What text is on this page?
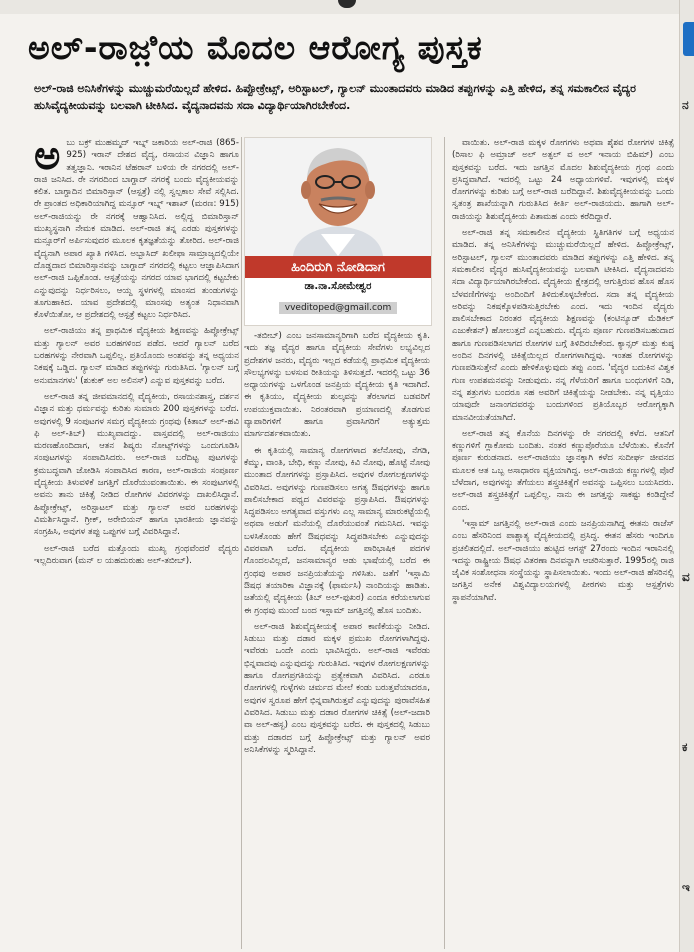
ನ
ವ
ಕ
ಇ
ಅಲ್-ರಾಜ಼ಿಯ ಮೊದಲ ಆರೋಗ್ಯ ಪುಸ್ತಕ
ಅಲ್-ರಾಜಿ ಅನಿಸಿಕೆಗಳನ್ನು ಮುಚ್ಚುಮರೆಯಿಲ್ಲದೆ ಹೇಳಿದ. ಹಿಪ್ಪೋಕ್ರೇಟ್ಸ್, ಅರಿಸ್ಟಾಟಲ್, ಗ್ಯಾಲನ್ ಮುಂತಾದವರು ಮಾಡಿದ ತಪ್ಪುಗಳನ್ನು ಎತ್ತಿ ಹೇಳಿದ, ತನ್ನ ಸಮಕಾಲೀನ ವೈದ್ಯರ ಹುಸಿವೈದ್ಯಕೀಯವನ್ನು ಬಲವಾಗಿ ಟೀಕಿಸಿದ. ವೈದ್ಯನಾದವನು ಸದಾ ವಿದ್ಯಾರ್ಥಿಯಾಗಿರಬೇಕೆಂದ.

ಅಬು ಬಕ್ರ್ ಮುಹಮ್ಮದ್ ಇಬ್ನ್ ಜಕಾರಿಯ ಅಲ್-ರಾಜಿ (865-925) ಇರಾನ್ ದೇಶದ ವೈದ್ಯ, ರಸಾಯನ ವಿಜ್ಞಾನಿ ಹಾಗೂ ತತ್ವಜ್ಞಾನಿ. ಇರಾನಿನ ಟೆಹರಾನ್ ಬಳಿಯ ರೇ ನಗರದಲ್ಲಿ ಅಲ್-ರಾಜಿ ಜನಿಸಿದ. ರೇ ನಗರದಿಂದ ಬಾಗ್ದಾದ್ ನಗರಕ್ಕೆ ಬಂದು ವೈದ್ಯಕೀಯವನ್ನು ಕಲಿತ. ಬಾಗ್ದಾದಿನ ಬಿಮಾರಿಸ್ತಾನ್ (ಆಸ್ಪತ್ರೆ) ನಲ್ಲಿ ಸ್ವಲ್ಪಕಾಲ ಸೇವೆ ಸಲ್ಲಿಸಿದ. ರೇ ಪ್ರಾಂತದ ಅಧಿಕಾರಿಯಾಗಿದ್ದ ಮನ್ಸೂರ್ ಇಬ್ನ್ ಇಶಾಖ್ (ಮರಣ: 915) ಅಲ್-ರಾಜಿಯನ್ನು ರೇ ನಗರಕ್ಕೆ ಆಹ್ವಾನಿಸಿದ. ಅಲ್ಲಿದ್ದ ಬಿಮಾರಿಸ್ತಾನ್ ಮುಖ್ಯಸ್ಥನಾಗಿ ನೇಮಕ ಮಾಡಿದ. ಅಲ್-ರಾಜಿ ತನ್ನ ಎರಡು ಪುಸ್ತಕಗಳನ್ನು ಮನ್ಸೂರ್‌ಗೆ ಅರ್ಪಿಸುವುದರ ಮೂಲಕ ಕೃತಜ್ಞತೆಯನ್ನು ತೋರಿದ. ಅಲ್-ರಾಜಿ ವೈದ್ಯನಾಗಿ ಅಪಾರ ಖ್ಯಾತಿ ಗಳಿಸಿದ. ಅಬ್ಬಾಸಿದ್ ಖಲೀಫಾ ಸಾಮ್ರಾಜ್ಯದಲ್ಲಿಯೇ ದೊಡ್ಡದಾದ ಬಿಮಾರಿಸ್ತಾನವನ್ನು ಬಾಗ್ದಾದ್ ನಗರದಲ್ಲಿ ಕಟ್ಟಲು ಆಜ್ಞಾಪಿಸಿದಾಗ ಅಲ್-ರಾಜಿ ಒಪ್ಪಿಕೊಂಡ. ಆಸ್ಪತ್ರೆಯನ್ನು ನಗರದ ಯಾವ ಭಾಗದಲ್ಲಿ ಕಟ್ಟಬೇಕು ಎನ್ನುವುದನ್ನು ನಿರ್ಧರಿಸಲು, ಆಯ್ದ ಸ್ಥಳಗಳಲ್ಲಿ ಮಾಂಸದ ತುಂಡುಗಳನ್ನು ತೂಗುಹಾಕಿದ. ಯಾವ ಪ್ರದೇಶದಲ್ಲಿ ಮಾಂಸವು ಅತ್ಯಂತ ನಿಧಾನವಾಗಿ ಕೊಳೆಯಿತೋ, ಆ ಪ್ರದೇಶದಲ್ಲಿ ಆಸ್ಪತ್ರೆ ಕಟ್ಟಲು ನಿರ್ಧರಿಸಿದ.

ಅಲ್-ರಾಜಿಯು ತನ್ನ ಪ್ರಾಥಮಿಕ ವೈದ್ಯಕೀಯ ಶಿಕ್ಷಣವನ್ನು ಹಿಪ್ಪೋಕ್ರೇಟ್ಸ್ ಮತ್ತು ಗ್ಯಾಲನ್ ಅವರ ಬರಹಗಳಿಂದ ಪಡೆದ. ಆದರೆ ಗ್ಯಾಲನ್ ಬರೆದ ಬರಹಗಳನ್ನು ನೇರವಾಗಿ ಒಪ್ಪಲಿಲ್ಲ. ಪ್ರತಿಯೊಂದು ಅಂಶವನ್ನು ತನ್ನ ಅಧ್ಯಯನ ನಿಕಷಕ್ಕೆ ಒಡ್ಡಿದ. ಗ್ಯಾಲನ್ ಮಾಡಿದ ತಪ್ಪುಗಳನ್ನು ಗುರುತಿಸಿದ. 'ಗ್ಯಾಲನ್ ಬಗ್ಗೆ ಅನುಮಾನಗಳು' (ಶುಕುಕ್ ಅಲ ಅಲಿನಸ್) ಎನ್ನುವ ಪುಸ್ತಕವನ್ನು ಬರೆದ.

ಅಲ್-ರಾಜಿ ತನ್ನ ಜೀವಮಾನದಲ್ಲಿ ವೈದ್ಯಕೀಯ, ರಸಾಯನಶಾಸ್ತ್ರ, ದರ್ಶನ ವಿಜ್ಞಾನ ಮತ್ತು ಧರ್ಮವನ್ನು ಕುರಿತು ಸುಮಾರು 200 ಪುಸ್ತಕಗಳನ್ನು ಬರೆದ. ಅವುಗಳಲ್ಲಿ 9 ಸಂಪುಟಗಳ ಸಮಗ್ರ ವೈದ್ಯಕೀಯ ಗ್ರಂಥವು (ಕಿತಾಬ್ ಅಲ್-ಹವಿ ಫಿ ಅಲ್-ತಿಬ್) ಮುಖ್ಯವಾದದ್ದು. ವಾಸ್ತವದಲ್ಲಿ ಅಲ್-ರಾಜಿಯು ಮರಣಹೊಂದಿದಾಗ, ಆತನ ಶಿಷ್ಯರು ನೋಟ್ಸ್‌ಗಳನ್ನು ಒಂದುಗೂಡಿಸಿ ಸಂಪುಟಗಳನ್ನು ಸಂಪಾದಿಸಿದರು. ಅಲ್-ರಾಜಿ ಬರೆದಿಟ್ಟ ಪುಟಗಳನ್ನು ಕ್ರಮಬದ್ಧವಾಗಿ ಜೋಡಿಸಿ ಸಂಪಾದಿಸಿದ ಕಾರಣ, ಅಲ್-ರಾಜಿಯ ಸಂಪೂರ್ಣ ವೈದ್ಯಕೀಯ ತಿಳುವಳಿಕೆ ಜಗತ್ತಿಗೆ ದೊರೆಯುವಂತಾಯಿತು. ಈ ಸಂಪುಟಗಳಲ್ಲಿ ಅವನು ತಾನು ಚಿಕಿತ್ಸೆ ನೀಡಿದ ರೋಗಿಗಳ ವಿವರಗಳನ್ನು ದಾಖಲಿಸಿದ್ದಾನೆ. ಹಿಪ್ಪೋಕ್ರೇಟ್ಸ್, ಅರಿಸ್ಟಾಟಲ್ ಮತ್ತು ಗ್ಯಾಲನ್ ಅವರ ಬರಹಗಳನ್ನು ವಿಮರ್ಶಿಸಿದ್ದಾನೆ. ಗ್ರೀಕ್, ಅರೇಬಿಯನ್ ಹಾಗೂ ಭಾರತೀಯ ಜ್ಞಾನವನ್ನು ಸಂಗ್ರಹಿಸಿ, ಅವುಗಳ ತಪ್ಪು ಒಪ್ಪುಗಳ ಬಗ್ಗೆ ವಿವರಿಸಿದ್ದಾನೆ.

ಅಲ್-ರಾಜಿ ಬರೆದ ಮತ್ತೊಂದು ಮುಖ್ಯ ಗ್ರಂಥವೆಂದರೆ ವೈದ್ಯರು ಇಲ್ಲದಿರುವಾಗ (ಮನ್ ಲ ಯಹದುರುಹು ಅಲ್-ತಬೀಬ್).

ಹಿಂದಿರುಗಿ ನೋಡಿದಾಗ
ಡಾ.ನಾ.ಸೋಮೇಶ್ವರ
vveditoped@gmail.com

-ತಬೀಬ್) ಎಂಬ ಜನಸಾಮಾನ್ಯರಿಗಾಗಿ ಬರೆದ ವೈದ್ಯಕೀಯ ಕೃತಿ. ಇದು ತಜ್ಞ ವೈದ್ಯರ ಹಾಗೂ ವೈದ್ಯಕೀಯ ಸೇವೆಗಳು ಲಭ್ಯವಿಲ್ಲದ ಪ್ರದೇಶಗಳ ಜನರು, ವೈದ್ಯರು ಇಲ್ಲದ ಕಡೆಯಲ್ಲಿ ಪ್ರಾಥಮಿಕ ವೈದ್ಯಕೀಯ ಸೌಲಭ್ಯಗಳನ್ನು ಬಳಸುವ ರೀತಿಯನ್ನು ತಿಳಿಸುತ್ತದೆ. ಇದರಲ್ಲಿ ಒಟ್ಟು 36 ಅಧ್ಯಾಯಗಳನ್ನು ಒಳಗೊಂಡ ಜನಪ್ರಿಯ ವೈದ್ಯಕೀಯ ಕೃತಿ ಇದಾಗಿದೆ. ಈ ಕೃತಿಯು, ವೈದ್ಯಕೀಯ ಶುಲ್ಕವನ್ನು ತೆರಲಾಗದ ಬಡವರಿಗೆ ಉಪಯುಕ್ತವಾಯಿತು. ನಿರಂತರವಾಗಿ ಪ್ರಯಾಣದಲ್ಲಿ ತೊಡಗುವ ವ್ಯಾಪಾರಿಗಳಿಗೆ ಹಾಗೂ ಪ್ರವಾಸಿಗರಿಗೆ ಅತ್ಯುತ್ತಮ ಮಾರ್ಗದರ್ಶಕವಾಯಿತು.

ಈ ಕೃತಿಯಲ್ಲಿ ಸಾಮಾನ್ಯ ರೋಗಗಳಾದ ತಲೆನೋವು, ನೆಗಡಿ, ಕೆಮ್ಮು, ವಾಂತಿ, ಬೇಧಿ, ಕಣ್ಣು ನೋವು, ಕಿವಿ ನೋವು, ಹೊಟ್ಟೆ ನೋವು ಮುಂತಾದ ರೋಗಗಳನ್ನು ಪ್ರಸ್ತಾಪಿಸಿದ. ಅವುಗಳ ರೋಗಲಕ್ಷಣಗಳನ್ನು ವಿವರಿಸಿದ. ಅವುಗಳನ್ನು ಗುಣಪಡಿಸಲು ಅಗತ್ಯ ಔಷಧಗಳನ್ನು ಹಾಗೂ ಪಾಲಿಸಬೇಕಾದ ಪಥ್ಯದ ವಿವರವನ್ನು ಪ್ರಸ್ತಾಪಿಸಿದ. ಔಷಧಗಳನ್ನು ಸಿದ್ಧಪಡಿಸಲು ಅಗತ್ಯವಾದ ವಸ್ತುಗಳು ಎಲ್ಲ ಸಾಮಾನ್ಯ ಮಾರುಕಟ್ಟೆಯಲ್ಲಿ ಅಥವಾ ಅಡುಗೆ ಮನೆಯಲ್ಲಿ ದೊರೆಯುವಂತೆ ಗಮನಿಸಿದ. ಇವನ್ನು ಬಳಸಿಕೊಂಡು ಹೇಗೆ ಔಷಧವನ್ನು ಸಿದ್ಧಪಡಿಸಬೇಕು ಎನ್ನುವುದನ್ನು ವಿವರವಾಗಿ ಬರೆದ. ವೈದ್ಯಕೀಯ ಪಾರಿಭಾಷಿಕ ಪದಗಳ ಗೊಂದಲವಿಲ್ಲದೆ, ಜನಸಾಮಾನ್ಯರ ಆಡು ಭಾಷೆಯಲ್ಲಿ ಬರೆದ ಈ ಗ್ರಂಥವು ಅಪಾರ ಜನಪ್ರಿಯತೆಯನ್ನು ಗಳಿಸಿತು. ಜತೆಗೆ 'ಇಸ್ಲಾಮಿ ಔಷಧ ತಯಾರಿಕಾ ವಿಜ್ಞಾನಕ್ಕೆ (ಫಾರ್ಮಸಿ) ನಾಂದಿಯನ್ನು ಹಾಡಿತು. ಜತೆಯಲ್ಲಿ ವೈದ್ಯಕೀಯ (ತಿಬ್ ಅಲ್-ಫುಖರ) ಎಂದೂ ಕರೆಯಲಾಗುವ ಈ ಗ್ರಂಥವು ಮುಂದೆ ಬಂದ ಇಸ್ಲಾಮ್ ಜಗತ್ತಿನಲ್ಲಿ ಹೊಸ ಬಂದಿತು.

ಅಲ್-ರಾಜಿ ಶಿಶುವೈದ್ಯಕೀಯಕ್ಕೆ ಅಪಾರ ಕಾಣಿಕೆಯನ್ನು ನೀಡಿದ. ಸಿಡುಬು ಮತ್ತು ದಡಾರ ಮಕ್ಕಳ ಪ್ರಮುಖ ರೋಗಗಳಾಗಿದ್ದವು. ಇವೆರಡು ಒಂದೇ ಎಂದು ಭಾವಿಸಿದ್ದರು. ಅಲ್-ರಾಜಿ ಇವೆರಡು ಭಿನ್ನವಾದವು ಎನ್ನುವುದನ್ನು ಗುರುತಿಸಿದ. ಇವುಗಳ ರೋಗಲಕ್ಷಣಗಳನ್ನು ಹಾಗೂ ರೋಗಪ್ರಗತಿಯನ್ನು ಪ್ರತ್ಯೇಕವಾಗಿ ವಿವರಿಸಿದ. ಎರಡೂ ರೋಗಗಳಲ್ಲಿ ಗುಳ್ಳೆಗಳು ಚರ್ಮದ ಮೇಲೆ ಕಂಡು ಬರುತ್ತವೆಯಾದರೂ, ಅವುಗಳ ಸ್ವರೂಪ ಹೇಗೆ ಭಿನ್ನವಾಗಿರುತ್ತವೆ ಎನ್ನುವುದನ್ನು ಪುರಾವೆಸಹಿತ ವಿವರಿಸಿದ. ಸಿಡುಬು ಮತ್ತು ದಡಾರ ರೋಗಗಳ ಚಿಕಿತ್ಸೆ (ಅಲ್-ಜದಾರಿ ವಾ ಅಲ್-ಹಸ್ಬ) ಎಂಬ ಪುಸ್ತಕವನ್ನು ಬರೆದ. ಈ ಪುಸ್ತಕದಲ್ಲಿ ಸಿಡುಬು ಮತ್ತು ದಡಾರದ ಬಗ್ಗೆ ಹಿಪ್ಪೋಕ್ರೇಟ್ಸ್ ಮತ್ತು ಗ್ಯಾಲನ್ ಅವರ ಅನಿಸಿಕೆಗಳನ್ನು ಸ್ಮರಿಸಿದ್ದಾನೆ.

ವಾಯಿತು. ಅಲ್-ರಾಜಿ ಮಕ್ಕಳ ರೋಗಗಳು ಅಥವಾ ಶೈಶವ ರೋಗಗಳ ಚಿಕಿತ್ಸೆ (ರಿಸಾಲ ಫಿ ಅಮ್ರಾಜ್ ಅಲ್ ಅತ್ಫಲ್ ವ ಅಲ್ ಇನಾಯ ಬಿಹಿಮ್) ಎಂಬ ಪುಸ್ತಕವನ್ನು ಬರೆದ. ಇದು ಜಗತ್ತಿನ ಮೊದಲ ಶಿಶುವೈದ್ಯಕೀಯ ಗ್ರಂಥ ಎಂದು ಪ್ರಸಿದ್ಧವಾಗಿದೆ. ಇದರಲ್ಲಿ ಒಟ್ಟು 24 ಅಧ್ಯಾಯಗಳಿವೆ. ಇವುಗಳಲ್ಲಿ ಮಕ್ಕಳ ರೋಗಗಳನ್ನು ಕುರಿತು ಬಗ್ಗೆ ಅಲ್-ರಾಜಿ ಬರೆದಿದ್ದಾನೆ. ಶಿಶುವೈದ್ಯಕೀಯವನ್ನು ಒಂದು ಸ್ವತಂತ್ರ ಶಾಖೆಯನ್ನಾಗಿ ಗುರುತಿಸಿದ ಕೀರ್ತಿ ಅಲ್-ರಾಜಿಯದು. ಹಾಗಾಗಿ ಅಲ್-ರಾಜಿಯನ್ನು ಶಿಶುವೈದ್ಯಕೀಯ ಪಿತಾಮಹ ಎಂದು ಕರೆದಿದ್ದಾರೆ.

ಅಲ್-ರಾಜಿ ತನ್ನ ಸಮಕಾಲೀನ ವೈದ್ಯಕೀಯ ಸ್ಥಿತಿಗತಿಗಳ ಬಗ್ಗೆ ಅಧ್ಯಯನ ಮಾಡಿದ. ತನ್ನ ಅನಿಸಿಕೆಗಳನ್ನು ಮುಚ್ಚುಮರೆಯಿಲ್ಲದೆ ಹೇಳಿದ. ಹಿಪ್ಪೋಕ್ರೇಟ್ಸ್, ಅರಿಸ್ಟಾಟಲ್, ಗ್ಯಾಲನ್ ಮುಂತಾದವರು ಮಾಡಿದ ತಪ್ಪುಗಳನ್ನು ಎತ್ತಿ ಹೇಳಿದ. ತನ್ನ ಸಮಕಾಲೀನ ವೈದ್ಯರ ಹುಸಿವೈದ್ಯಕೀಯವನ್ನು ಬಲವಾಗಿ ಟೀಕಿಸಿದ. ವೈದ್ಯನಾದವನು ಸದಾ ವಿದ್ಯಾರ್ಥಿಯಾಗಿರಬೇಕೆಂದ. ವೈದ್ಯಕೀಯ ಕ್ಷೇತ್ರದಲ್ಲಿ ಆಗುತ್ತಿರುವ ಹೊಸ ಹೊಸ ಬೆಳವಣಿಗೆಗಳನ್ನು ಅಂದಿಂದಿಗೆ ತಿಳಿದುಕೊಳ್ಳಬೇಕೆಂದ. ಸದಾ ತನ್ನ ವೈದ್ಯಕೀಯ ಅರಿವನ್ನು ನಿಕಷಕ್ಕೊಳಪಡಿಸುತ್ತಿರಬೇಕು ಎಂದ. ಇದು ಇಂದಿನ ವೈದ್ಯರು ಪಾಲಿಸಬೇಕಾದ ನಿರಂತರ ವೈದ್ಯಕೀಯ ಶಿಕ್ಷಣವನ್ನು (ಕಂಟಿನ್ಯೂಡ್ ಮೆಡಿಕಲ್ ಎಜುಕೇಶನ್) ಹೋಲುತ್ತದೆ ಎನ್ನಬಹುದು. ವೈದ್ಯನು ಪೂರ್ಣ ಗುಣಪಡಿಸಬಹುದಾದ ಹಾಗೂ ಗುಣಪಡಿಸಲಾಗದ ರೋಗಗಳ ಬಗ್ಗೆ ತಿಳಿದಿರಬೇಕೆಂದ. ಕ್ಯಾನ್ಸರ್ ಮತ್ತು ಕುಷ್ಠ ಅಂದಿನ ದಿನಗಳಲ್ಲಿ ಚಿಕಿತ್ಸೆಯಿಲ್ಲದ ರೋಗಗಳಾಗಿದ್ದವು. ಇಂತಹ ರೋಗಗಳನ್ನು ಗುಣಪಡಿಸುತ್ತೇನೆ ಎಂದು ಹೇಳಿಕೊಳ್ಳುವುದು ತಪ್ಪು ಎಂದ. 'ವೈದ್ಯರ ಬದುಕಿನ ವಿಶ್ವಕ ಗುಣ ಉಪಶಮನವನ್ನು ನೀಡುವುದು. ನನ್ನ ಗೆಳೆಯರಿಗೆ ಹಾಗೂ ಬಂಧುಗಳಿಗೆ ನಿಡಿ, ನನ್ನ ಶತ್ರುಗಳು ಬಂದರೂ ಸಹ ಅವರಿಗೆ ಚಿಕಿತ್ಸೆಯನ್ನು ನೀಡಬೇಕು. ನನ್ನ ವೃತ್ತಿಯು ಯಾವುದೇ ಜನಾಂಗದವರನ್ನು ಬಂದುಗಳಿಂದ ಪ್ರತಿಯೊಬ್ಬರ ಆರೋಗ್ಯಕ್ಕಾಗಿ ಮಾನವೀಯತೆಯಾಗಿದೆ.

ಅಲ್-ರಾಜಿ ತನ್ನ ಕೊನೆಯ ದಿನಗಳನ್ನು ರೇ ನಗರದಲ್ಲಿ ಕಳೆದ. ಆತನಿಗೆ ಕಣ್ಣುಗಳಿಗೆ ಗ್ಲಾಕೋಮ ಬಂದಿತು. ನಂತರ ಕಣ್ಣುಪೊರೆಯೂ ಬೆಳೆಯಿತು. ಕೊನೆಗೆ ಪೂರ್ಣ ಕುರುಡನಾದ. ಅಲ್-ರಾಜಿಯು ಜ್ಞಾನಕ್ಕಾಗಿ ಕಳೆದ ಸುದೀರ್ಘ ಜೀವನದ ಮೂಲಕ ಆತ ಒಬ್ಬ ಅಸಾಧಾರಣ ವ್ಯಕ್ತಿಯಾಗಿದ್ದ. ಅಲ್-ರಾಜಿಯ ಕಣ್ಣುಗಳಲ್ಲಿ ಪೊರೆ ಬೆಳೆದಾಗ, ಅವುಗಳನ್ನು ತೆಗೆಯಲು ಶಸ್ತ್ರಚಿಕಿತ್ಸೆಗೆ ಅವನನ್ನು ಒಪ್ಪಿಸಲು ಬಯಸಿದರು. ಅಲ್-ರಾಜಿ ಶಸ್ತ್ರಚಿಕಿತ್ಸೆಗೆ ಒಪ್ಪಲಿಲ್ಲ. ನಾನು ಈ ಜಗತ್ತನ್ನು ಸಾಕಷ್ಟು ಕಂಡಿದ್ದೇನೆ ಎಂದ.

'ಇಸ್ಲಾಮ್ ಜಗತ್ತಿನಲ್ಲಿ ಅಲ್-ರಾಜಿ ಎಂದು ಜನಪ್ರಿಯನಾಗಿದ್ದ ಈತನು ರಾಜೆಸ್ ಎಂಬ ಹೆಸರಿನಿಂದ ಪಾಶ್ಚಾತ್ಯ ವೈದ್ಯಕೀಯದಲ್ಲಿ ಪ್ರಸಿದ್ಧ. ಈತನ ಹೆಸರು ಇಂದಿಗೂ ಪ್ರಚಲಿತದಲ್ಲಿದೆ. ಅಲ್-ರಾಜಿಯು ಹುಟ್ಟಿದ ಆಗಸ್ಟ್ 27ರಂದು ಇಂದಿನ ಇರಾನಿನಲ್ಲಿ ಇದನ್ನು ರಾಷ್ಟ್ರೀಯ ಔಷಧ ವಿತರಣಾ ದಿನವನ್ನಾಗಿ ಆಚರಿಸುತ್ತಾರೆ. 1995ರಲ್ಲಿ ರಾಜಿ ಜೈವಿಕ ಸಂಶೋಧನಾ ಸಂಸ್ಥೆಯನ್ನು ಸ್ಥಾಪಿಸಲಾಯಿತು. ಇಂದು ಅಲ್-ರಾಜಿ ಹೆಸರಿನಲ್ಲಿ ಜಗತ್ತಿನ ಅನೇಕ ವಿಶ್ವವಿದ್ಯಾಲಯಗಳಲ್ಲಿ ಪೀಠಗಳು ಮತ್ತು ಆಸ್ಪತ್ರೆಗಳು ಸ್ಥಾಪನೆಯಾಗಿವೆ.
